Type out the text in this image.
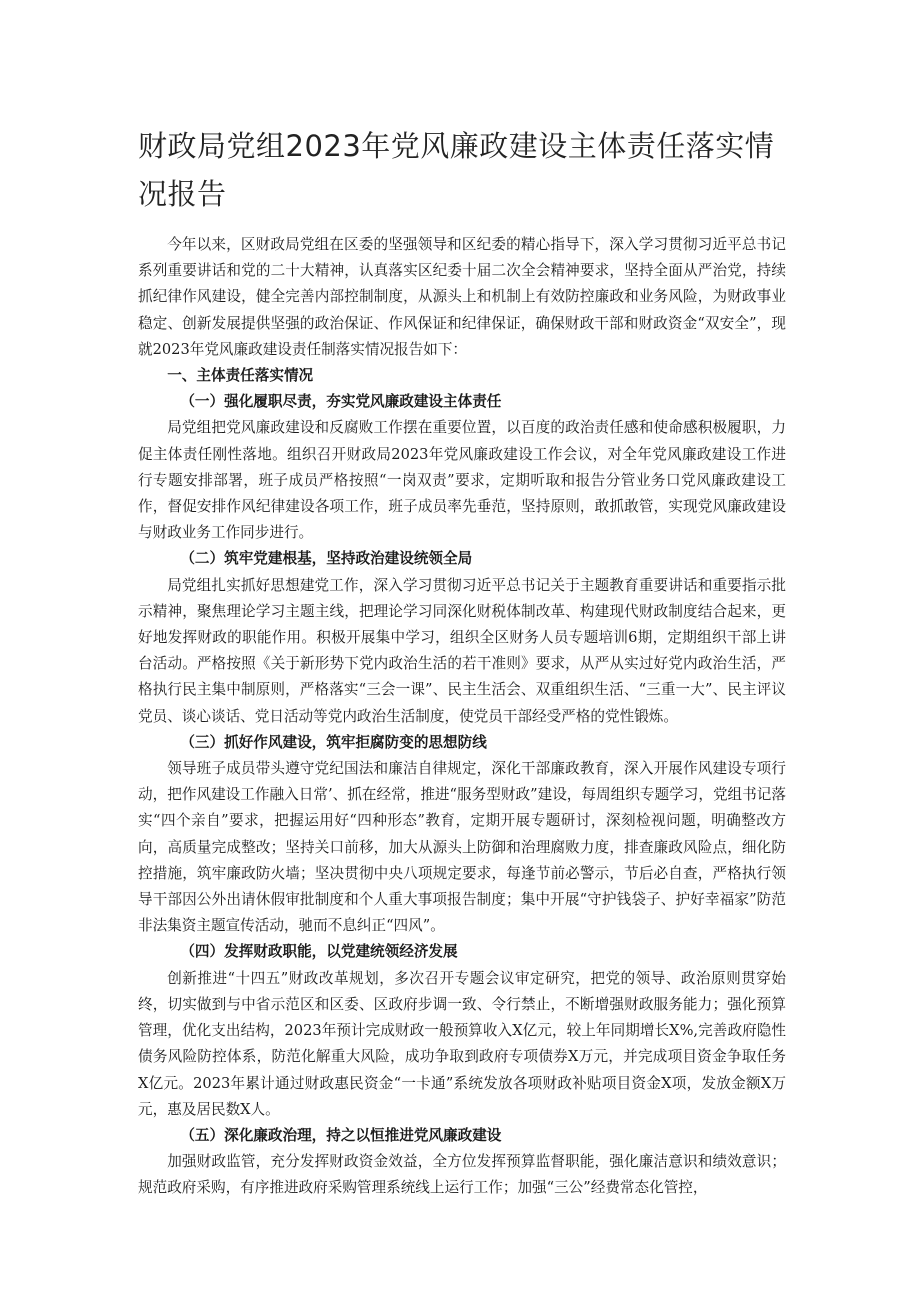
财政局党组2023年党风廉政建设主体责任落实情况报告

今年以来，区财政局党组在区委的坚强领导和区纪委的精心指导下，深入学习贯彻习近平总书记系列重要讲话和党的二十大精神，认真落实区纪委十届二次全会精神要求，坚持全面从严治党，持续抓纪律作风建设，健全完善内部控制制度，从源头上和机制上有效防控廉政和业务风险，为财政事业稳定、创新发展提供坚强的政治保证、作风保证和纪律保证，确保财政干部和财政资金“双安全”，现就2023年党风廉政建设责任制落实情况报告如下：

一、主体责任落实情况

（一）强化履职尽责，夯实党风廉政建设主体责任

局党组把党风廉政建设和反腐败工作摆在重要位置，以百度的政治责任感和使命感积极履职，力促主体责任刚性落地。组织召开财政局2023年党风廉政建设工作会议，对全年党风廉政建设工作进行专题安排部署，班子成员严格按照“一岗双责”要求，定期听取和报告分管业务口党风廉政建设工作，督促安排作风纪律建设各项工作，班子成员率先垂范，坚持原则，敢抓敢管，实现党风廉政建设与财政业务工作同步进行。

（二）筑牢党建根基，坚持政治建设统领全局

局党组扎实抓好思想建党工作，深入学习贯彻习近平总书记关于主题教育重要讲话和重要指示批示精神，聚焦理论学习主题主线，把理论学习同深化财税体制改革、构建现代财政制度结合起来，更好地发挥财政的职能作用。积极开展集中学习，组织全区财务人员专题培训6期，定期组织干部上讲台活动。严格按照《关于新形势下党内政治生活的若干准则》要求，从严从实过好党内政治生活，严格执行民主集中制原则，严格落实“三会一课”、民主生活会、双重组织生活、“三重一大”、民主评议党员、谈心谈话、党日活动等党内政治生活制度，使党员干部经受严格的党性锻炼。

（三）抓好作风建设，筑牢拒腐防变的思想防线

领导班子成员带头遵守党纪国法和廉洁自律规定，深化干部廉政教育，深入开展作风建设专项行动，把作风建设工作融入日常’、抓在经常，推进“服务型财政”建设，每周组织专题学习，党组书记落实“四个亲自”要求，把握运用好“四种形态”教育，定期开展专题研讨，深刻检视问题，明确整改方向，高质量完成整改；坚持关口前移，加大从源头上防御和治理腐败力度，排查廉政风险点，细化防控措施，筑牢廉政防火墙；坚决贯彻中央八项规定要求，每逢节前必警示，节后必自查，严格执行领导干部因公外出请休假审批制度和个人重大事项报告制度；集中开展“守护钱袋子、护好幸福家”防范非法集资主题宣传活动，驰而不息纠正“四风”。

（四）发挥财政职能，以党建统领经济发展

创新推进“十四五”财政改革规划，多次召开专题会议审定研究，把党的领导、政治原则贯穿始终，切实做到与中省示范区和区委、区政府步调一致、令行禁止，不断增强财政服务能力；强化预算管理，优化支出结构，2023年预计完成财政一般预算收入X亿元，较上年同期增长X%,完善政府隐性债务风险防控体系，防范化解重大风险，成功争取到政府专项债券X万元，并完成项目资金争取任务X亿元。2023年累计通过财政惠民资金“一卡通”系统发放各项财政补贴项目资金X项，发放金额X万元，惠及居民数X人。

（五）深化廉政治理，持之以恒推进党风廉政建设

加强财政监管，充分发挥财政资金效益，全方位发挥预算监督职能，强化廉洁意识和绩效意识；规范政府采购，有序推进政府采购管理系统线上运行工作；加强“三公”经费常态化管控，
